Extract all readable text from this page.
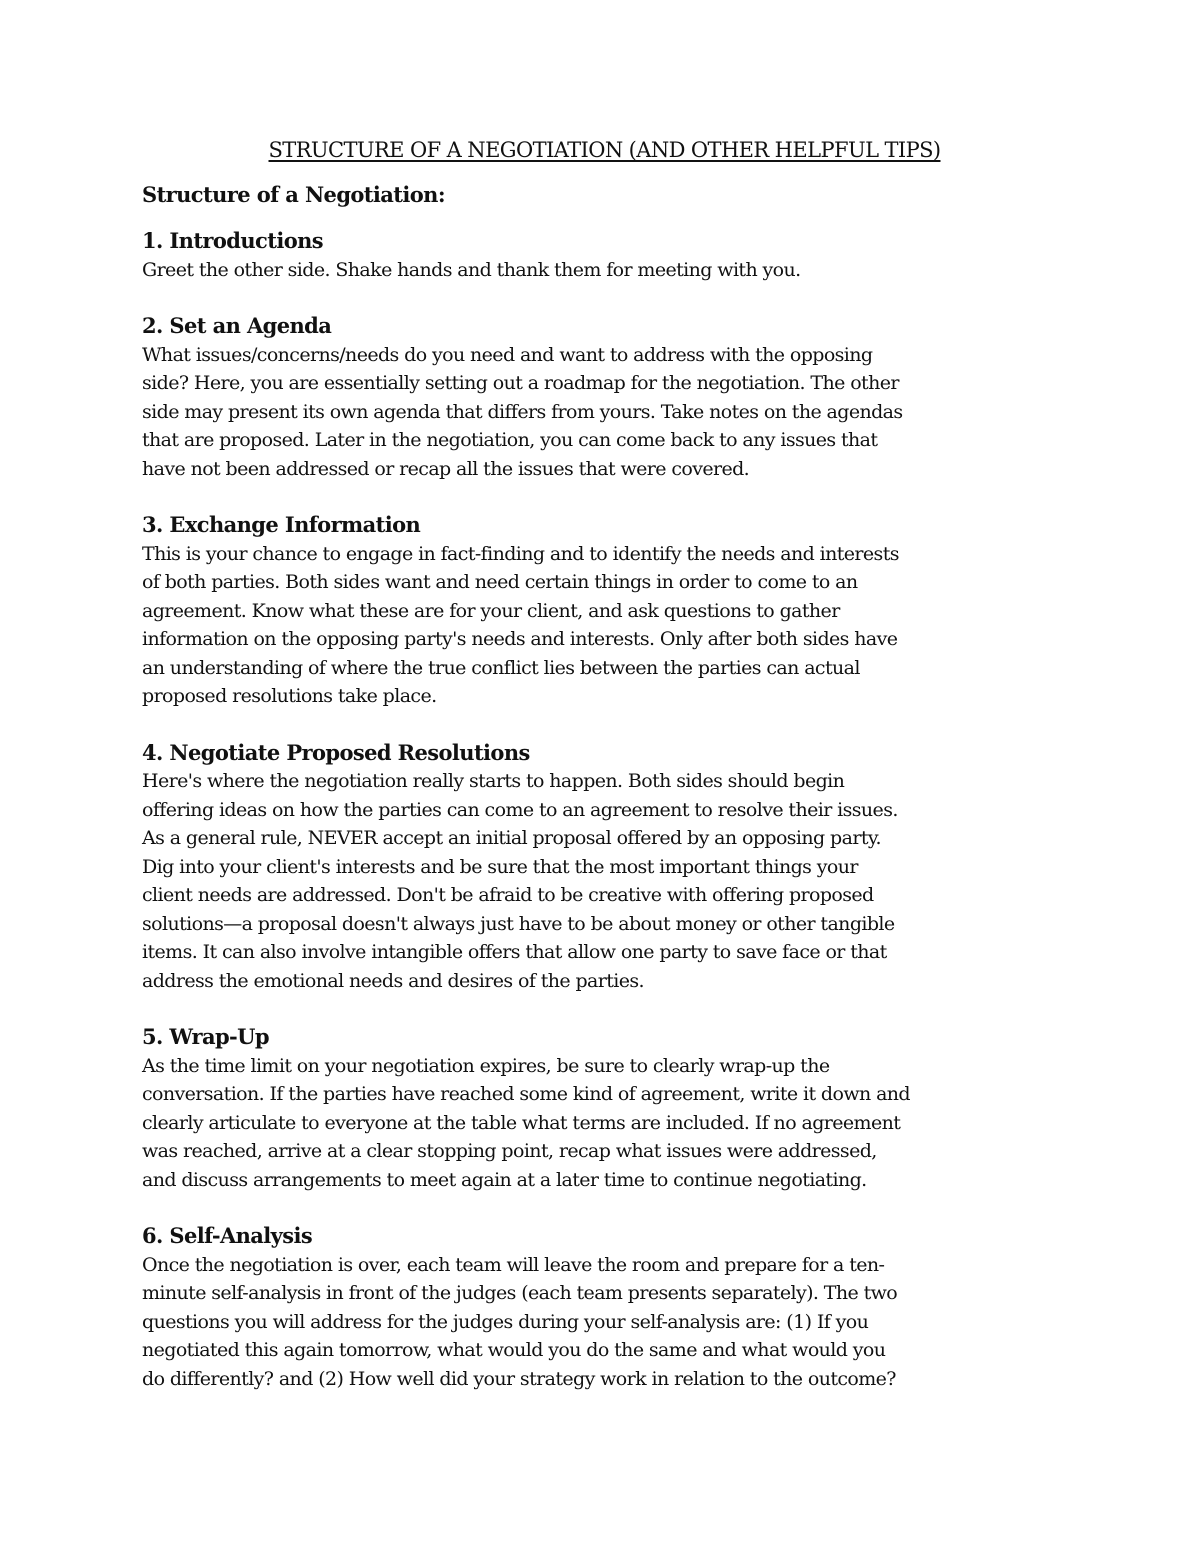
STRUCTURE OF A NEGOTIATION (AND OTHER HELPFUL TIPS)
Structure of a Negotiation:
1. Introductions
Greet the other side. Shake hands and thank them for meeting with you.
2. Set an Agenda
What issues/concerns/needs do you need and want to address with the opposing
side? Here, you are essentially setting out a roadmap for the negotiation. The other
side may present its own agenda that differs from yours. Take notes on the agendas
that are proposed. Later in the negotiation, you can come back to any issues that
have not been addressed or recap all the issues that were covered.
3. Exchange Information
This is your chance to engage in fact-finding and to identify the needs and interests
of both parties. Both sides want and need certain things in order to come to an
agreement. Know what these are for your client, and ask questions to gather
information on the opposing party's needs and interests. Only after both sides have
an understanding of where the true conflict lies between the parties can actual
proposed resolutions take place.
4. Negotiate Proposed Resolutions
Here's where the negotiation really starts to happen. Both sides should begin
offering ideas on how the parties can come to an agreement to resolve their issues.
As a general rule, NEVER accept an initial proposal offered by an opposing party.
Dig into your client's interests and be sure that the most important things your
client needs are addressed. Don't be afraid to be creative with offering proposed
solutions—a proposal doesn't always just have to be about money or other tangible
items. It can also involve intangible offers that allow one party to save face or that
address the emotional needs and desires of the parties.
5. Wrap-Up
As the time limit on your negotiation expires, be sure to clearly wrap-up the
conversation. If the parties have reached some kind of agreement, write it down and
clearly articulate to everyone at the table what terms are included. If no agreement
was reached, arrive at a clear stopping point, recap what issues were addressed,
and discuss arrangements to meet again at a later time to continue negotiating.
6. Self-Analysis
Once the negotiation is over, each team will leave the room and prepare for a ten-
minute self-analysis in front of the judges (each team presents separately). The two
questions you will address for the judges during your self-analysis are: (1) If you
negotiated this again tomorrow, what would you do the same and what would you
do differently? and (2) How well did your strategy work in relation to the outcome?
